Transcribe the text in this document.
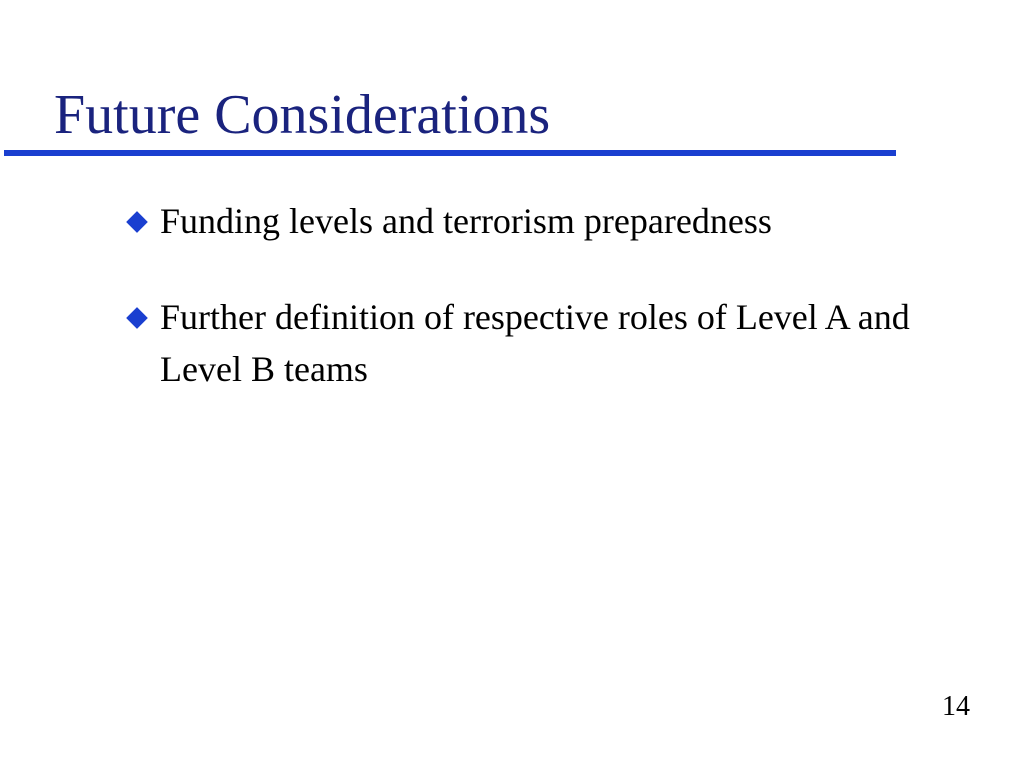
Future Considerations
Funding levels and terrorism preparedness
Further definition of respective roles of Level A and Level B teams
14
